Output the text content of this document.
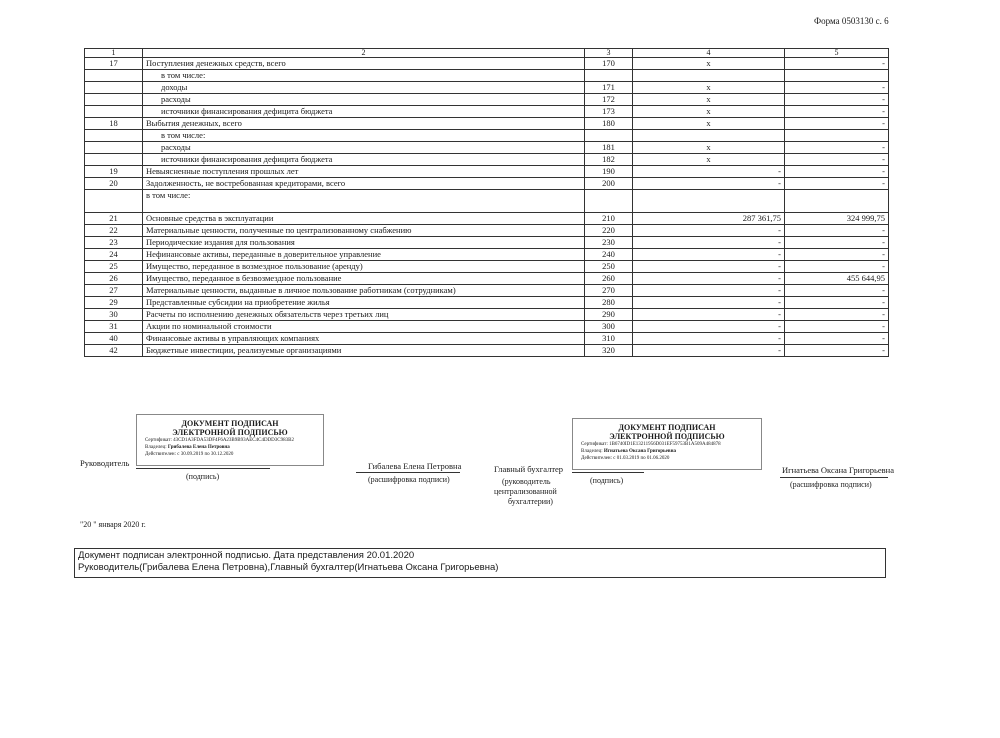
Форма 0503130 с. 6
1	2	3	4	5
17	Поступления денежных средств, всего	170	x	-
	в том числе:			
	доходы	171	x	-
	расходы	172	x	-
	источники финансирования дефицита бюджета	173	x	-
18	Выбытия денежных, всего	180	x	-
	в том числе:			
	расходы	181	x	-
	источники финансирования дефицита бюджета	182	x	-
19	Невыясненные поступления прошлых лет	190	-	-
20	Задолженность, не востребованная кредиторами, всего	200	-	-
	в том числе:			
21	Основные средства в эксплуатации	210	287 361,75	324 999,75
22	Материальные ценности, полученные по централизованному снабжению	220	-	-
23	Периодические издания для пользования	230	-	-
24	Нефинансовые активы, переданные в доверительное управление	240	-	-
25	Имущество, переданное в возмездное пользование (аренду)	250	-	-
26	Имущество, переданное в безвозмездное пользование	260	-	455 644,95
27	Материальные ценности, выданные в личное пользование работникам (сотрудникам)	270	-	-
29	Представленные субсидии на приобретение жилья	280	-	-
30	Расчеты по исполнению денежных обязательств через третьих лиц	290	-	-
31	Акции по номинальной стоимости	300	-	-
40	Финансовые активы в управляющих компаниях	310	-	-
42	Бюджетные инвестиции, реализуемые организациями	320	-	-
ДОКУМЕНТ ПОДПИСАН
ЭЛЕКТРОННОЙ ПОДПИСЬЮ
Сертификат: 43CD1A3FDA53DF4F6A23B9B93AEC4C4DDD3C983B2
Владелец: Грибалева Елена Петровна
Действителен: с 30.09.2019 по 30.12.2020
ДОКУМЕНТ ПОДПИСАН
ЭЛЕКТРОННОЙ ПОДПИСЬЮ
Сертификат: 1B6740ID1E13211956D031EF59753B1A509A484878
Владелец: Игнатьева Оксана Григорьевна
Действителен: с 01.03.2019 по 01.06.2020
Руководитель
(подпись)
Гибалева Елена Петровна
(расшифровка подписи)
Главный бухгалтер
(руководитель
централизованной
бухгалтерии)
(подпись)
Игнатьева Оксана Григорьевна
(расшифровка подписи)
"20 " января 2020 г.
Документ подписан электронной подписью. Дата представления 20.01.2020
Руководитель(Грибалева Елена Петровна),Главный бухгалтер(Игнатьева Оксана Григорьевна)
